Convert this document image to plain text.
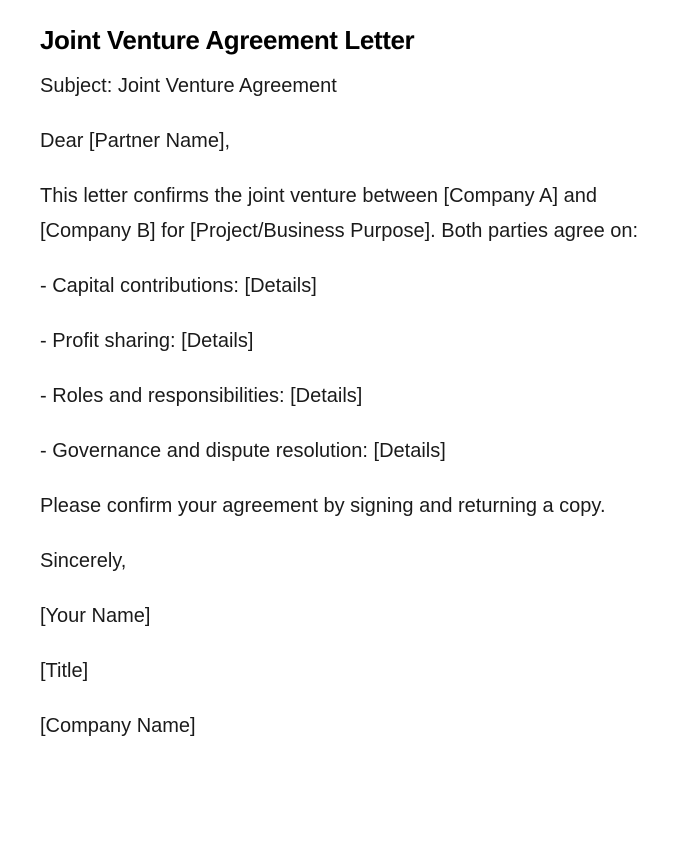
Joint Venture Agreement Letter

Subject: Joint Venture Agreement

Dear [Partner Name],

This letter confirms the joint venture between [Company A] and [Company B] for [Project/Business Purpose]. Both parties agree on:

- Capital contributions: [Details]

- Profit sharing: [Details]

- Roles and responsibilities: [Details]

- Governance and dispute resolution: [Details]

Please confirm your agreement by signing and returning a copy.

Sincerely,

[Your Name]

[Title]

[Company Name]
